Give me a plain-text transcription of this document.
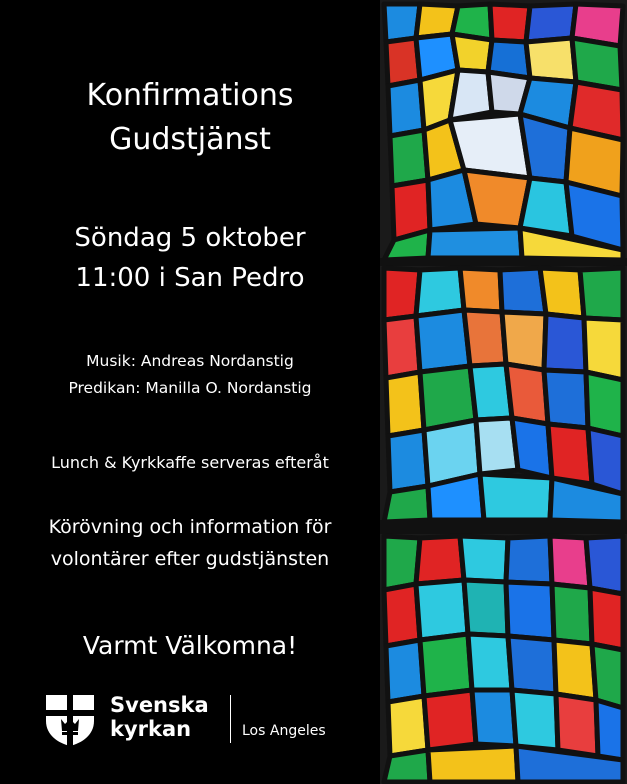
Konfirmations
Gudstjänst
Söndag 5 oktober
11:00 i San Pedro
Musik: Andreas Nordanstig
Predikan: Manilla O. Nordanstig
Lunch & Kyrkkaffe serveras efteråt
Körövning och information för
volontärer efter gudstjänsten
Varmt Välkomna!
Svenska
kyrkan	Los Angeles
